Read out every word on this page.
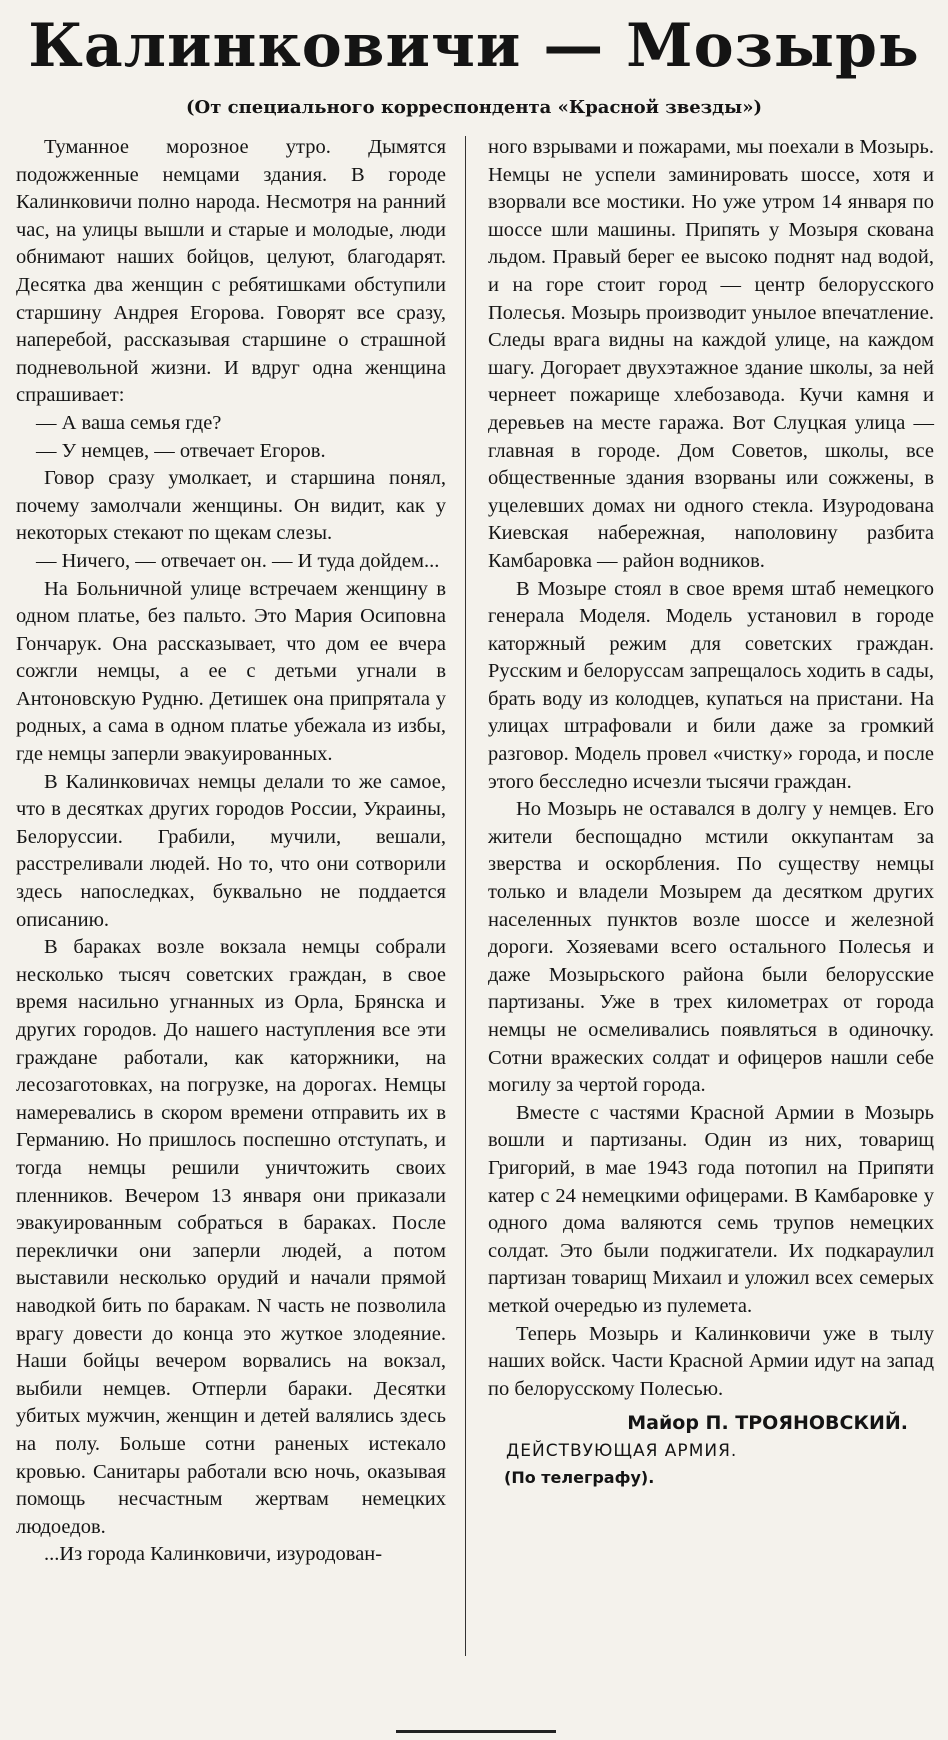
Калинковичи — Мозырь
(От специального корреспондента «Красной звезды»)

Туманное морозное утро. Дымятся подожженные немцами здания. В городе Калинковичи полно народа. Несмотря на ранний час, на улицы вышли и старые и молодые, люди обнимают наших бойцов, целуют, благодарят. Десятка два женщин с ребятишками обступили старшину Андрея Егорова. Говорят все сразу, наперебой, рассказывая старшине о страшной подневольной жизни. И вдруг одна женщина спрашивает:

— А ваша семья где?

— У немцев, — отвечает Егоров.

Говор сразу умолкает, и старшина понял, почему замолчали женщины. Он видит, как у некоторых стекают по щекам слезы.

— Ничего, — отвечает он. — И туда дойдем...

На Больничной улице встречаем женщину в одном платье, без пальто. Это Мария Осиповна Гончарук. Она рассказывает, что дом ее вчера сожгли немцы, а ее с детьми угнали в Антоновскую Рудню. Детишек она припрятала у родных, а сама в одном платье убежала из избы, где немцы заперли эвакуированных.

В Калинковичах немцы делали то же самое, что в десятках других городов России, Украины, Белоруссии. Грабили, мучили, вешали, расстреливали людей. Но то, что они сотворили здесь напоследках, буквально не поддается описанию.

В бараках возле вокзала немцы собрали несколько тысяч советских граждан, в свое время насильно угнанных из Орла, Брянска и других городов. До нашего наступления все эти граждане работали, как каторжники, на лесозаготовках, на погрузке, на дорогах. Немцы намеревались в скором времени отправить их в Германию. Но пришлось поспешно отступать, и тогда немцы решили уничтожить своих пленников. Вечером 13 января они приказали эвакуированным собраться в бараках. После переклички они заперли людей, а потом выставили несколько орудий и начали прямой наводкой бить по баракам. N часть не позволила врагу довести до конца это жуткое злодеяние. Наши бойцы вечером ворвались на вокзал, выбили немцев. Отперли бараки. Десятки убитых мужчин, женщин и детей валялись здесь на полу. Больше сотни раненых истекало кровью. Санитары работали всю ночь, оказывая помощь несчастным жертвам немецких людоедов.

...Из города Калинковичи, изуродован-

ного взрывами и пожарами, мы поехали в Мозырь. Немцы не успели заминировать шоссе, хотя и взорвали все мостики. Но уже утром 14 января по шоссе шли машины. Припять у Мозыря скована льдом. Правый берег ее высоко поднят над водой, и на горе стоит город — центр белорусского Полесья. Мозырь производит унылое впечатление. Следы врага видны на каждой улице, на каждом шагу. Догорает двухэтажное здание школы, за ней чернеет пожарище хлебозавода. Кучи камня и деревьев на месте гаража. Вот Слуцкая улица — главная в городе. Дом Советов, школы, все общественные здания взорваны или сожжены, в уцелевших домах ни одного стекла. Изуродована Киевская набережная, наполовину разбита Камбаровка — район водников.

В Мозыре стоял в свое время штаб немецкого генерала Моделя. Модель установил в городе каторжный режим для советских граждан. Русским и белоруссам запрещалось ходить в сады, брать воду из колодцев, купаться на пристани. На улицах штрафовали и били даже за громкий разговор. Модель провел «чистку» города, и после этого бесследно исчезли тысячи граждан.

Но Мозырь не оставался в долгу у немцев. Его жители беспощадно мстили оккупантам за зверства и оскорбления. По существу немцы только и владели Мозырем да десятком других населенных пунктов возле шоссе и железной дороги. Хозяевами всего остального Полесья и даже Мозырьского района были белорусские партизаны. Уже в трех километрах от города немцы не осмеливались появляться в одиночку. Сотни вражеских солдат и офицеров нашли себе могилу за чертой города.

Вместе с частями Красной Армии в Мозырь вошли и партизаны. Один из них, товарищ Григорий, в мае 1943 года потопил на Припяти катер с 24 немецкими офицерами. В Камбаровке у одного дома валяются семь трупов немецких солдат. Это были поджигатели. Их подкараулил партизан товарищ Михаил и уложил всех семерых меткой очередью из пулемета.

Теперь Мозырь и Калинковичи уже в тылу наших войск. Части Красной Армии идут на запад по белорусскому Полесью.

Майор П. ТРОЯНОВСКИЙ.
ДЕЙСТВУЮЩАЯ АРМИЯ.
(По телеграфу).
